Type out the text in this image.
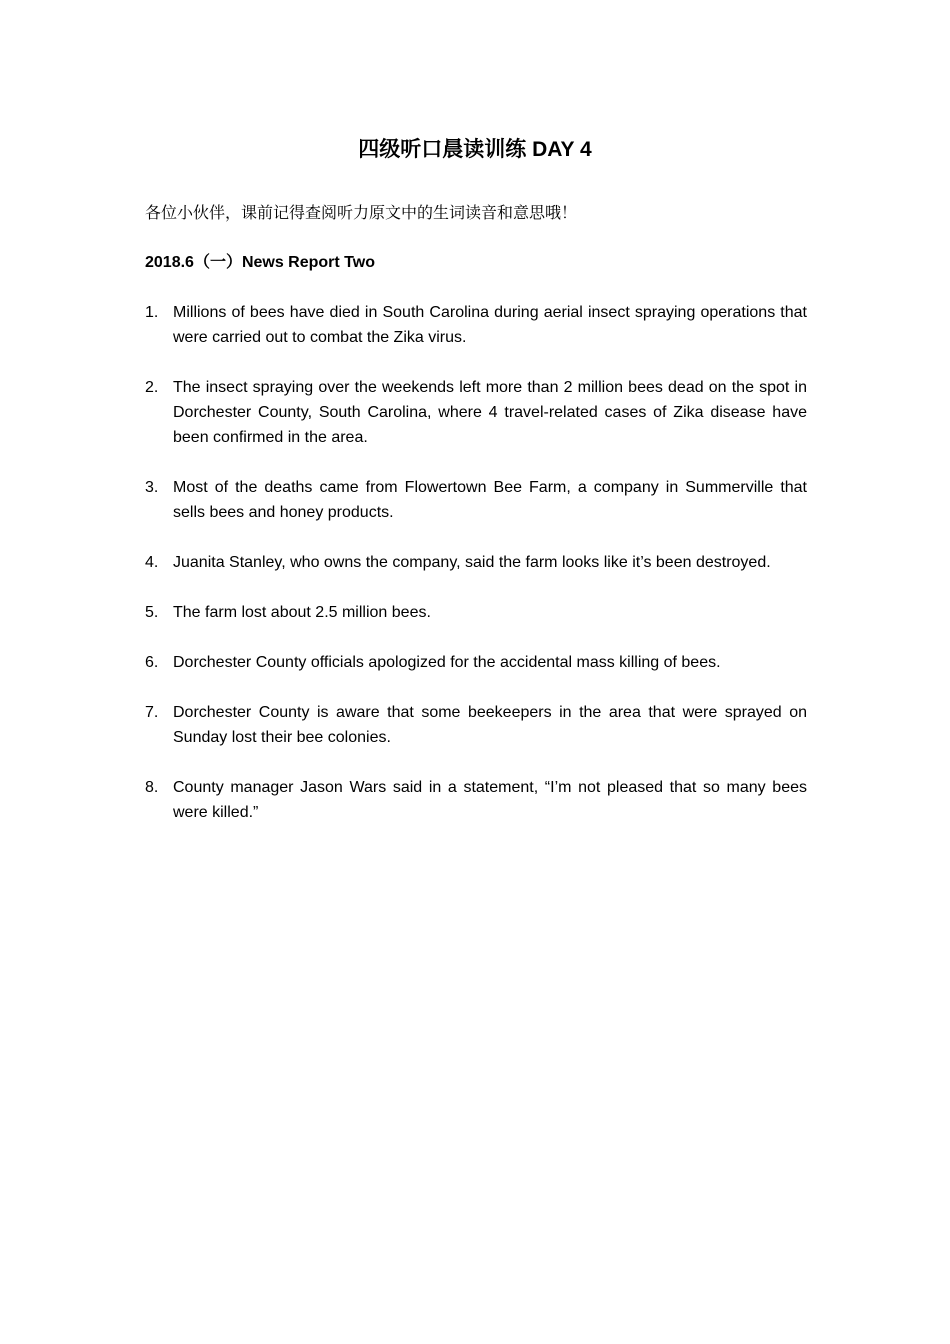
四级听口晨读训练 DAY 4

各位小伙伴，课前记得查阅听力原文中的生词读音和意思哦！

2018.6（一）News Report Two

1. Millions of bees have died in South Carolina during aerial insect spraying operations that were carried out to combat the Zika virus.
2. The insect spraying over the weekends left more than 2 million bees dead on the spot in Dorchester County, South Carolina, where 4 travel-related cases of Zika disease have been confirmed in the area.
3. Most of the deaths came from Flowertown Bee Farm, a company in Summerville that sells bees and honey products.
4. Juanita Stanley, who owns the company, said the farm looks like it’s been destroyed.
5. The farm lost about 2.5 million bees.
6. Dorchester County officials apologized for the accidental mass killing of bees.
7. Dorchester County is aware that some beekeepers in the area that were sprayed on Sunday lost their bee colonies.
8. County manager Jason Wars said in a statement, “I’m not pleased that so many bees were killed.”
